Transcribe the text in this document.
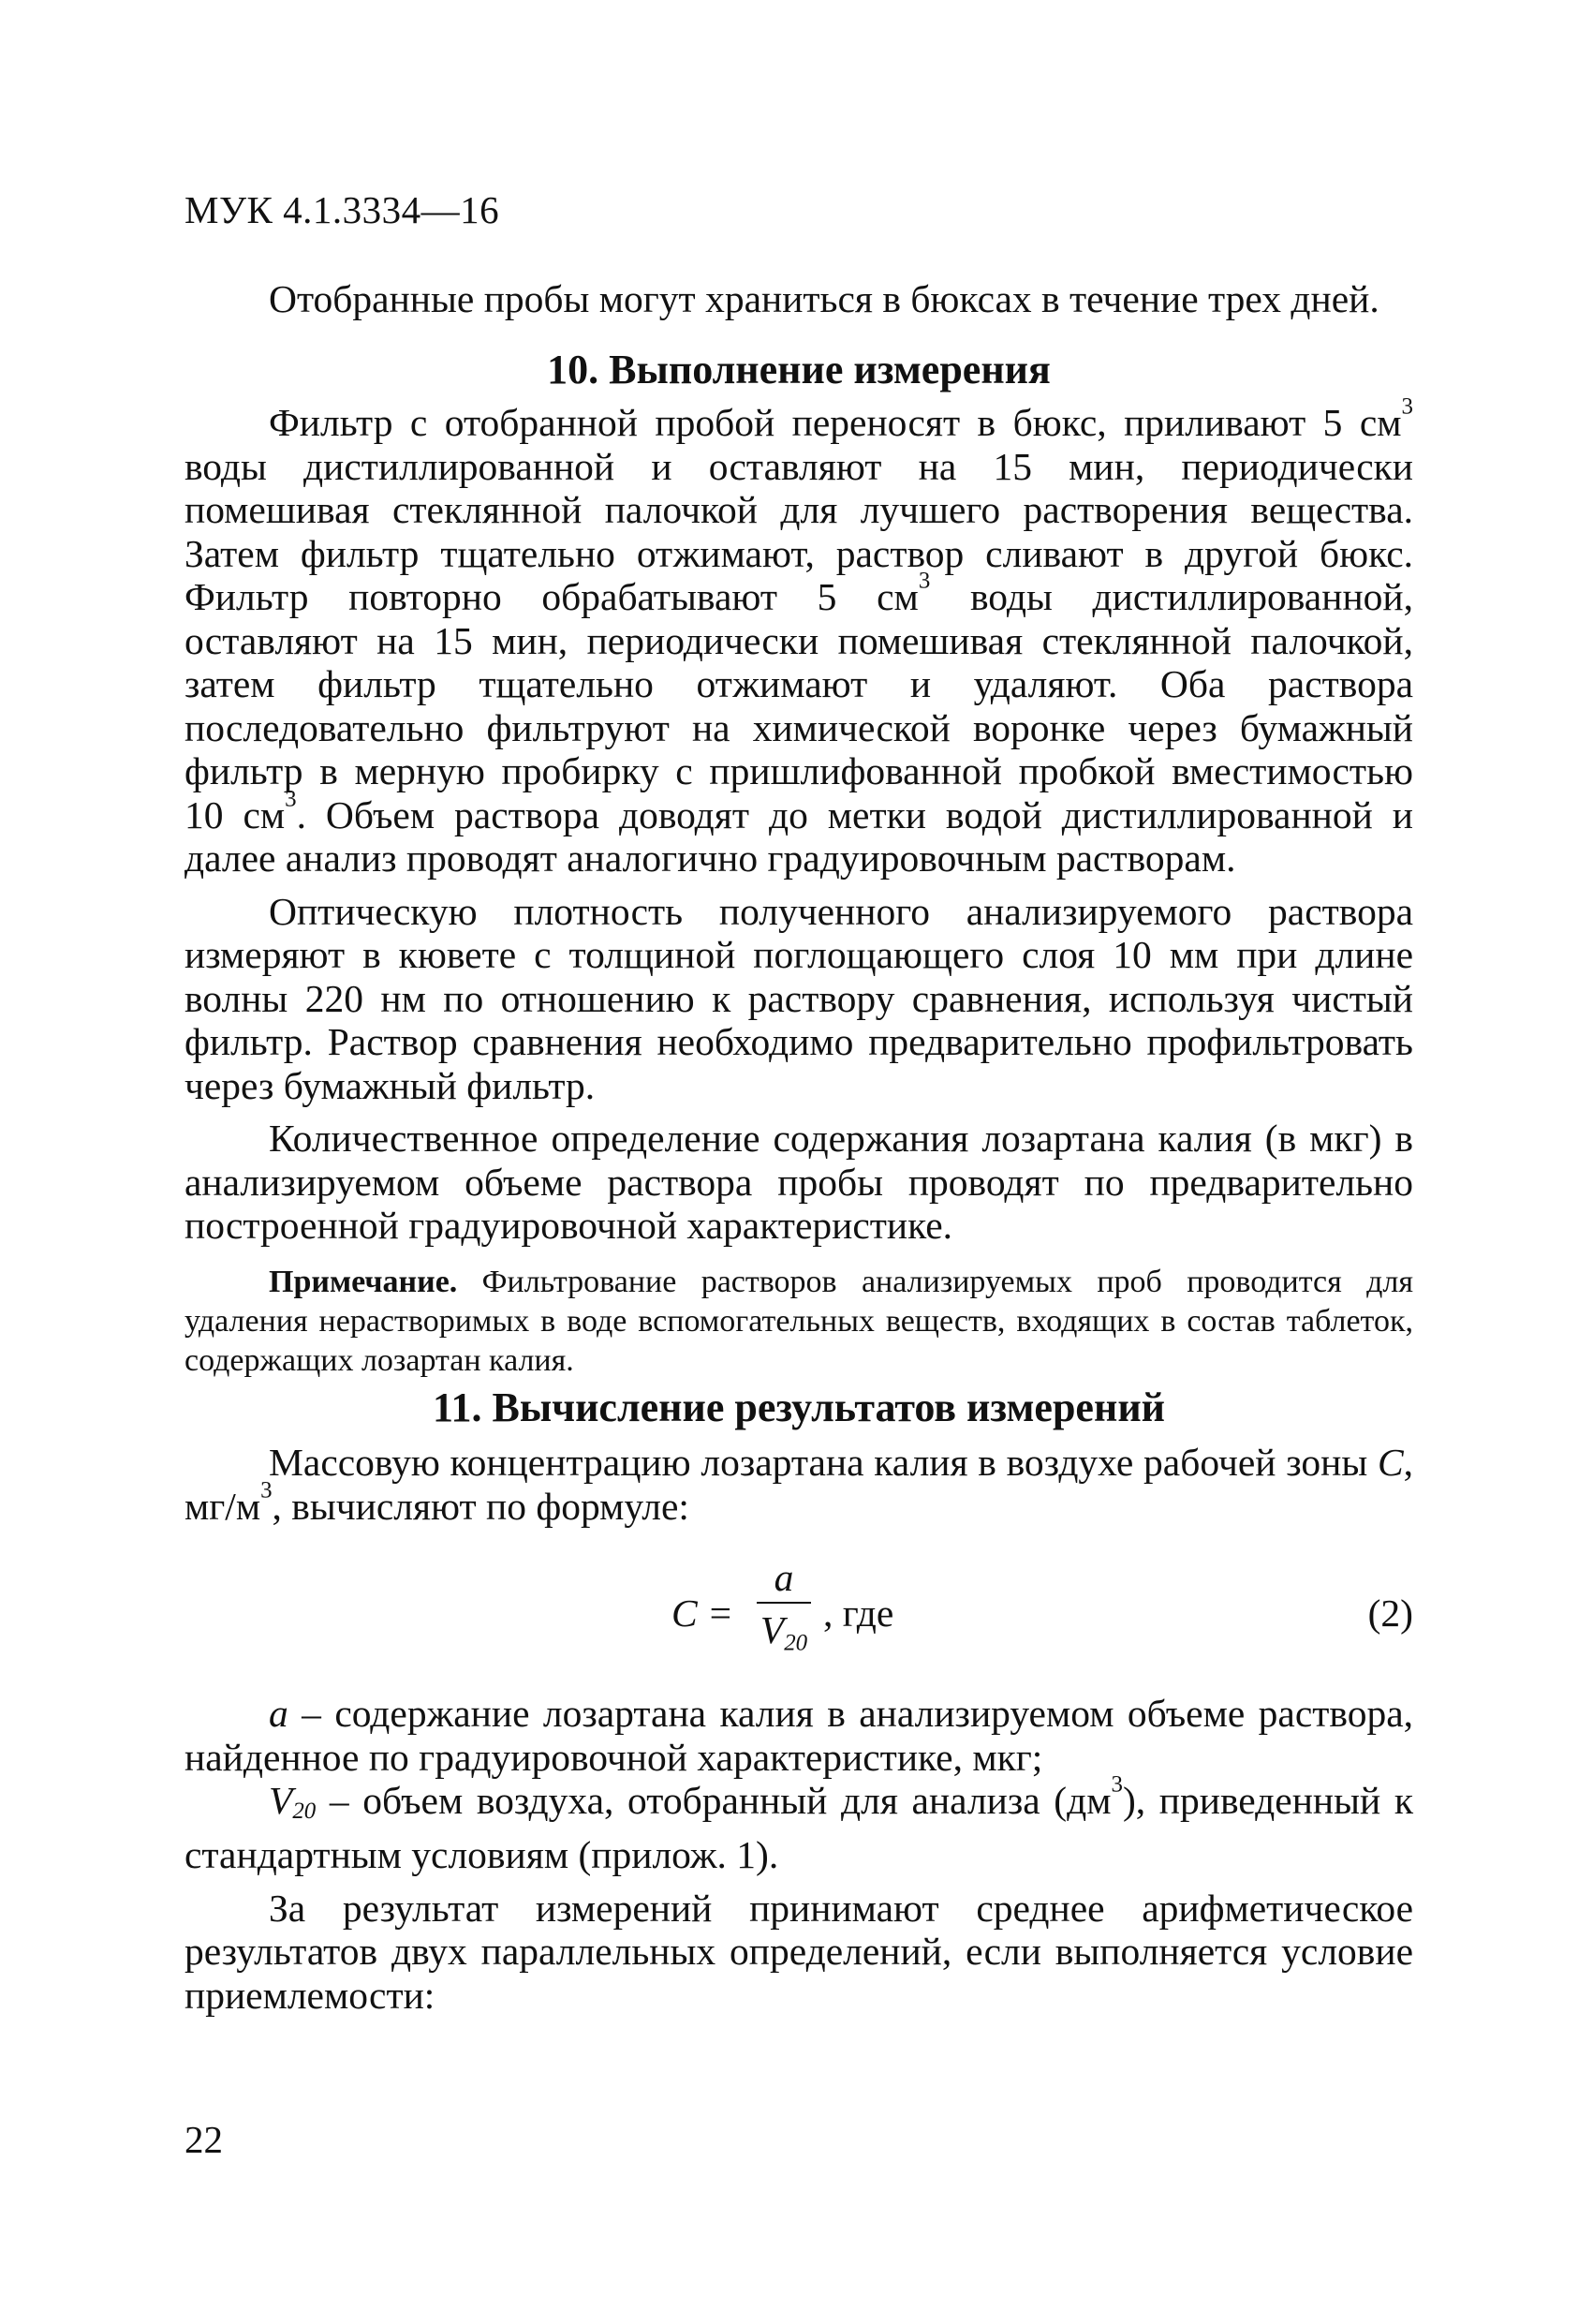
МУК 4.1.3334—16

Отобранные пробы могут храниться в бюксах в течение трех дней.

10. Выполнение измерения

Фильтр с отобранной пробой переносят в бюкс, приливают 5 $см^3$ воды дистиллированной и оставляют на 15 мин, периодически помешивая стеклянной палочкой для лучшего растворения вещества. Затем фильтр тщательно отжимают, раствор сливают в другой бюкс. Фильтр повторно обрабатывают 5 $см^3$ воды дистиллированной, оставляют на 15 мин, периодически помешивая стеклянной палочкой, затем фильтр тщательно отжимают и удаляют. Оба раствора последовательно фильтруют на химической воронке через бумажный фильтр в мерную пробирку с пришлифованной пробкой вместимостью 10 $см^3$. Объем раствора доводят до метки водой дистиллированной и далее анализ проводят аналогично градуировочным растворам.

Оптическую плотность полученного анализируемого раствора измеряют в кювете с толщиной поглощающего слоя 10 мм при длине волны 220 нм по отношению к раствору сравнения, используя чистый фильтр. Раствор сравнения необходимо предварительно профильтровать через бумажный фильтр.

Количественное определение содержания лозартана калия (в мкг) в анализируемом объеме раствора пробы проводят по предварительно построенной градуировочной характеристике.

Примечание. Фильтрование растворов анализируемых проб проводится для удаления нерастворимых в воде вспомогательных веществ, входящих в состав таблеток, содержащих лозартан калия.

11. Вычисление результатов измерений

Массовую концентрацию лозартана калия в воздухе рабочей зоны C, $мг/м^3$, вычисляют по формуле:

C =
a
$V_{20}$
, где	(2)

a – содержание лозартана калия в анализируемом объеме раствора, найденное по градуировочной характеристике, мкг;

$V_{20}$ – объем воздуха, отобранный для анализа $(дм^3)$, приведенный к стандартным условиям (прилож. 1).

За результат измерений принимают среднее арифметическое результатов двух параллельных определений, если выполняется условие приемлемости:

22
